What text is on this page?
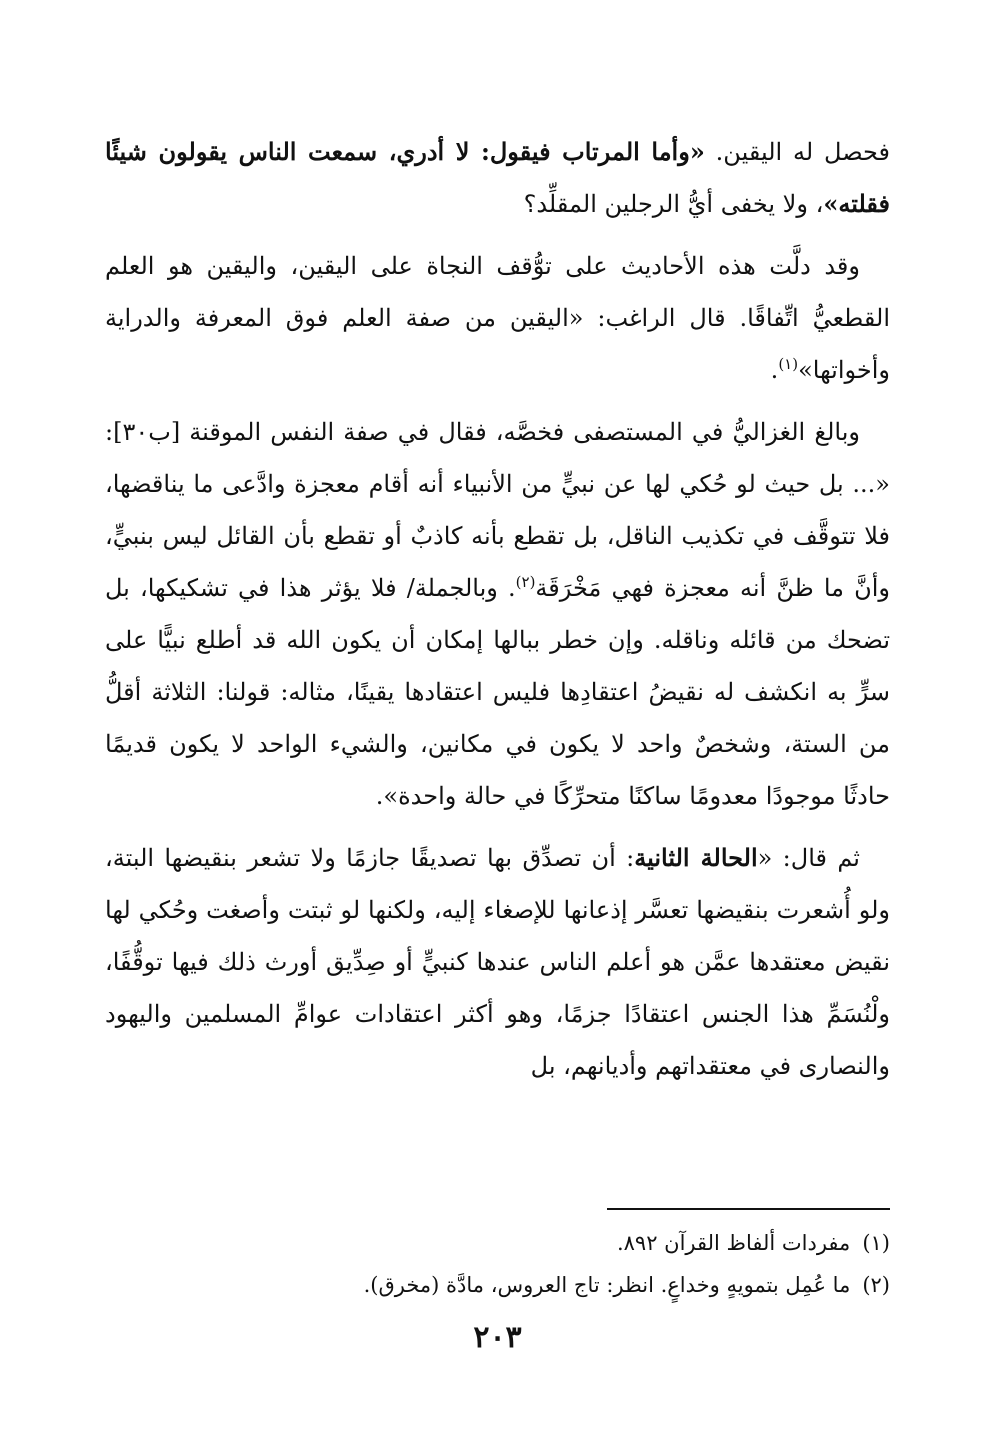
فحصل له اليقين. «وأما المرتاب فيقول: لا أدري، سمعت الناس يقولون شيئًا فقلته»، ولا يخفى أيُّ الرجلين المقلِّد؟

وقد دلَّت هذه الأحاديث على توُّقف النجاة على اليقين، واليقين هو العلم القطعيُّ اتِّفاقًا. قال الراغب: «اليقين من صفة العلم فوق المعرفة والدراية وأخواتها»$^{(١)}$.

وبالغ الغزاليُّ في المستصفى فخصَّه، فقال في صفة النفس الموقنة [ب٣٠]: «... بل حيث لو حُكي لها عن نبيٍّ من الأنبياء أنه أقام معجزة وادَّعى ما يناقضها، فلا تتوقَّف في تكذيب الناقل، بل تقطع بأنه كاذبٌ أو تقطع بأن القائل ليس بنبيٍّ، وأنَّ ما ظنَّ أنه معجزة فهي مَخْرَقَة$^{(٢)}$. وبالجملة/ فلا يؤثر هذا في تشكيكها، بل تضحك من قائله وناقله. وإن خطر ببالها إمكان أن يكون الله قد أطلع نبيًّا على سرٍّ به انكشف له نقيضُ اعتقادِها فليس اعتقادها يقينًا، مثاله: قولنا: الثلاثة أقلُّ من الستة، وشخصٌ واحد لا يكون في مكانين، والشيء الواحد لا يكون قديمًا حادثًا موجودًا معدومًا ساكنًا متحرِّكًا في حالة واحدة».

ثم قال: «الحالة الثانية: أن تصدِّق بها تصديقًا جازمًا ولا تشعر بنقيضها البتة، ولو أُشعرت بنقيضها تعسَّر إذعانها للإصغاء إليه، ولكنها لو ثبتت وأصغت وحُكي لها نقيض معتقدها عمَّن هو أعلم الناس عندها كنبيٍّ أو صِدِّيق أورث ذلك فيها توقُّفًا، ولْنُسَمِّ هذا الجنس اعتقادًا جزمًا، وهو أكثر اعتقادات عوامِّ المسلمين واليهود والنصارى في معتقداتهم وأديانهم، بل

(١)مفردات ألفاظ القرآن ٨٩٢.

(٢)ما عُمِل بتمويهٍ وخداعٍ. انظر: تاج العروس، مادَّة (مخرق).

٢٠٣
